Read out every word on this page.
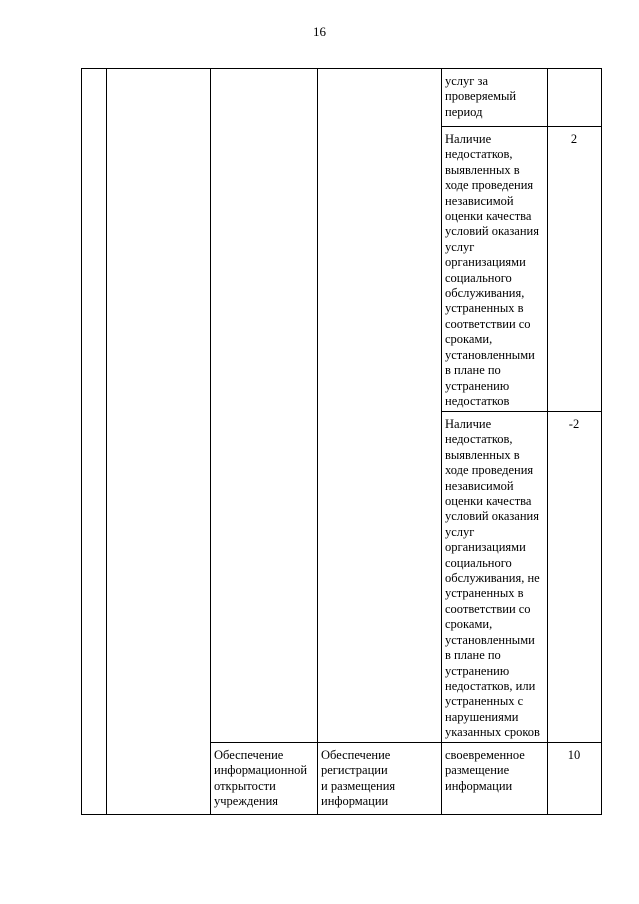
16
услуг за
проверяемый
период
Наличие
недостатков,
выявленных в
ходе проведения
независимой
оценки качества
условий оказания
услуг
организациями
социального
обслуживания,
устраненных в
соответствии со
сроками,
установленными
в плане по
устранению
недостатков
2
Наличие
недостатков,
выявленных в
ходе проведения
независимой
оценки качества
условий оказания
услуг
организациями
социального
обслуживания, не
устраненных в
соответствии со
сроками,
установленными
в плане по
устранению
недостатков, или
устраненных с
нарушениями
указанных сроков
-2
Обеспечение
информационной
открытости
учреждения
Обеспечение
регистрации
и размещения
информации
своевременное
размещение
информации
10
